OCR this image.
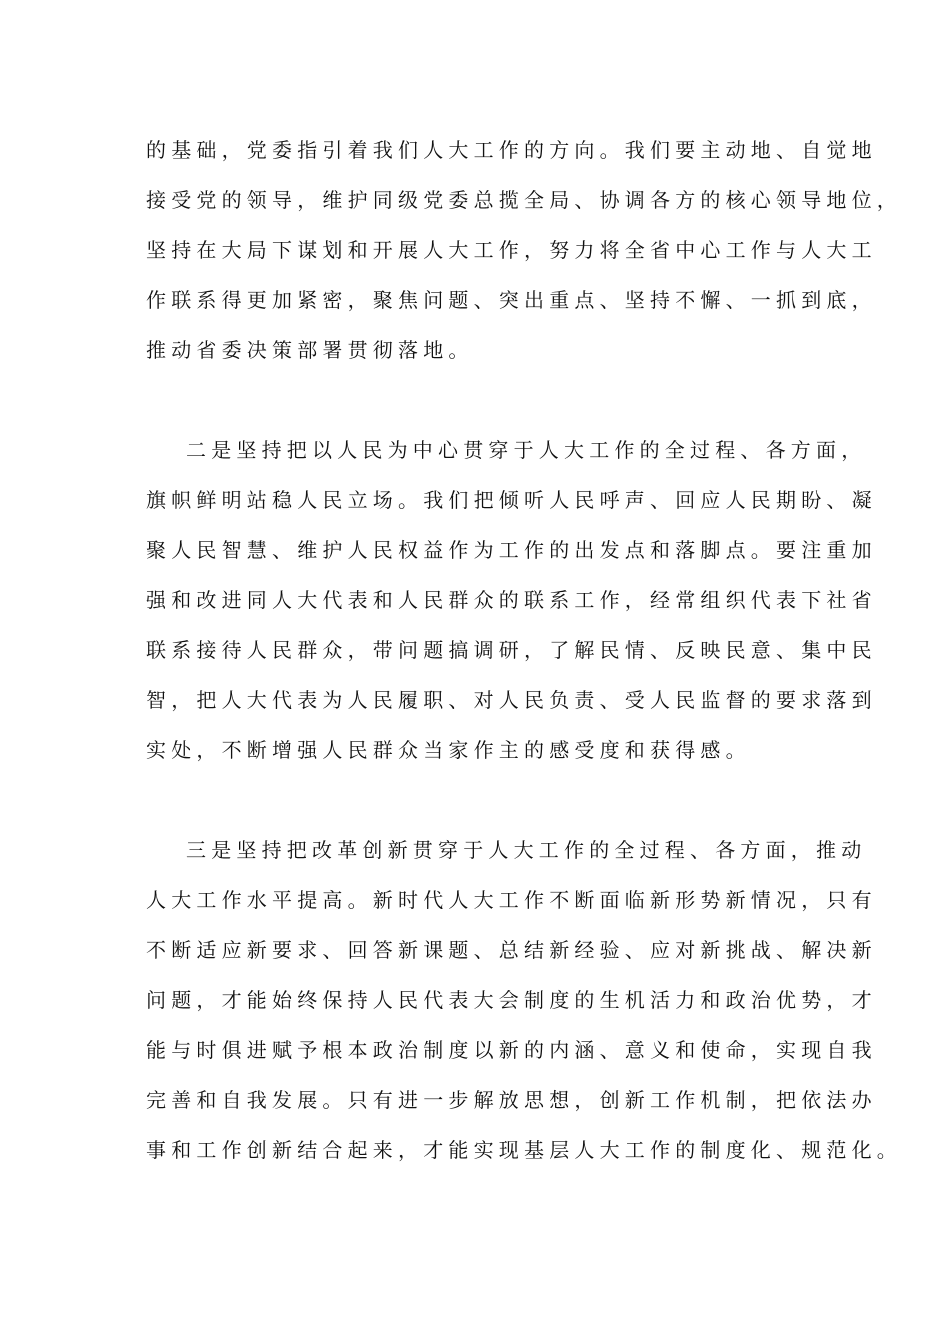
的基础，党委指引着我们人大工作的方向。我们要主动地、自觉地
接受党的领导，维护同级党委总揽全局、协调各方的核心领导地位，
坚持在大局下谋划和开展人大工作，努力将全省中心工作与人大工
作联系得更加紧密，聚焦问题、突出重点、坚持不懈、一抓到底，
推动省委决策部署贯彻落地。
二是坚持把以人民为中心贯穿于人大工作的全过程、各方面，
旗帜鲜明站稳人民立场。我们把倾听人民呼声、回应人民期盼、凝
聚人民智慧、维护人民权益作为工作的出发点和落脚点。要注重加
强和改进同人大代表和人民群众的联系工作，经常组织代表下社省
联系接待人民群众，带问题搞调研，了解民情、反映民意、集中民
智，把人大代表为人民履职、对人民负责、受人民监督的要求落到
实处，不断增强人民群众当家作主的感受度和获得感。
三是坚持把改革创新贯穿于人大工作的全过程、各方面，推动
人大工作水平提高。新时代人大工作不断面临新形势新情况，只有
不断适应新要求、回答新课题、总结新经验、应对新挑战、解决新
问题，才能始终保持人民代表大会制度的生机活力和政治优势，才
能与时俱进赋予根本政治制度以新的内涵、意义和使命，实现自我
完善和自我发展。只有进一步解放思想，创新工作机制，把依法办
事和工作创新结合起来，才能实现基层人大工作的制度化、规范化。
